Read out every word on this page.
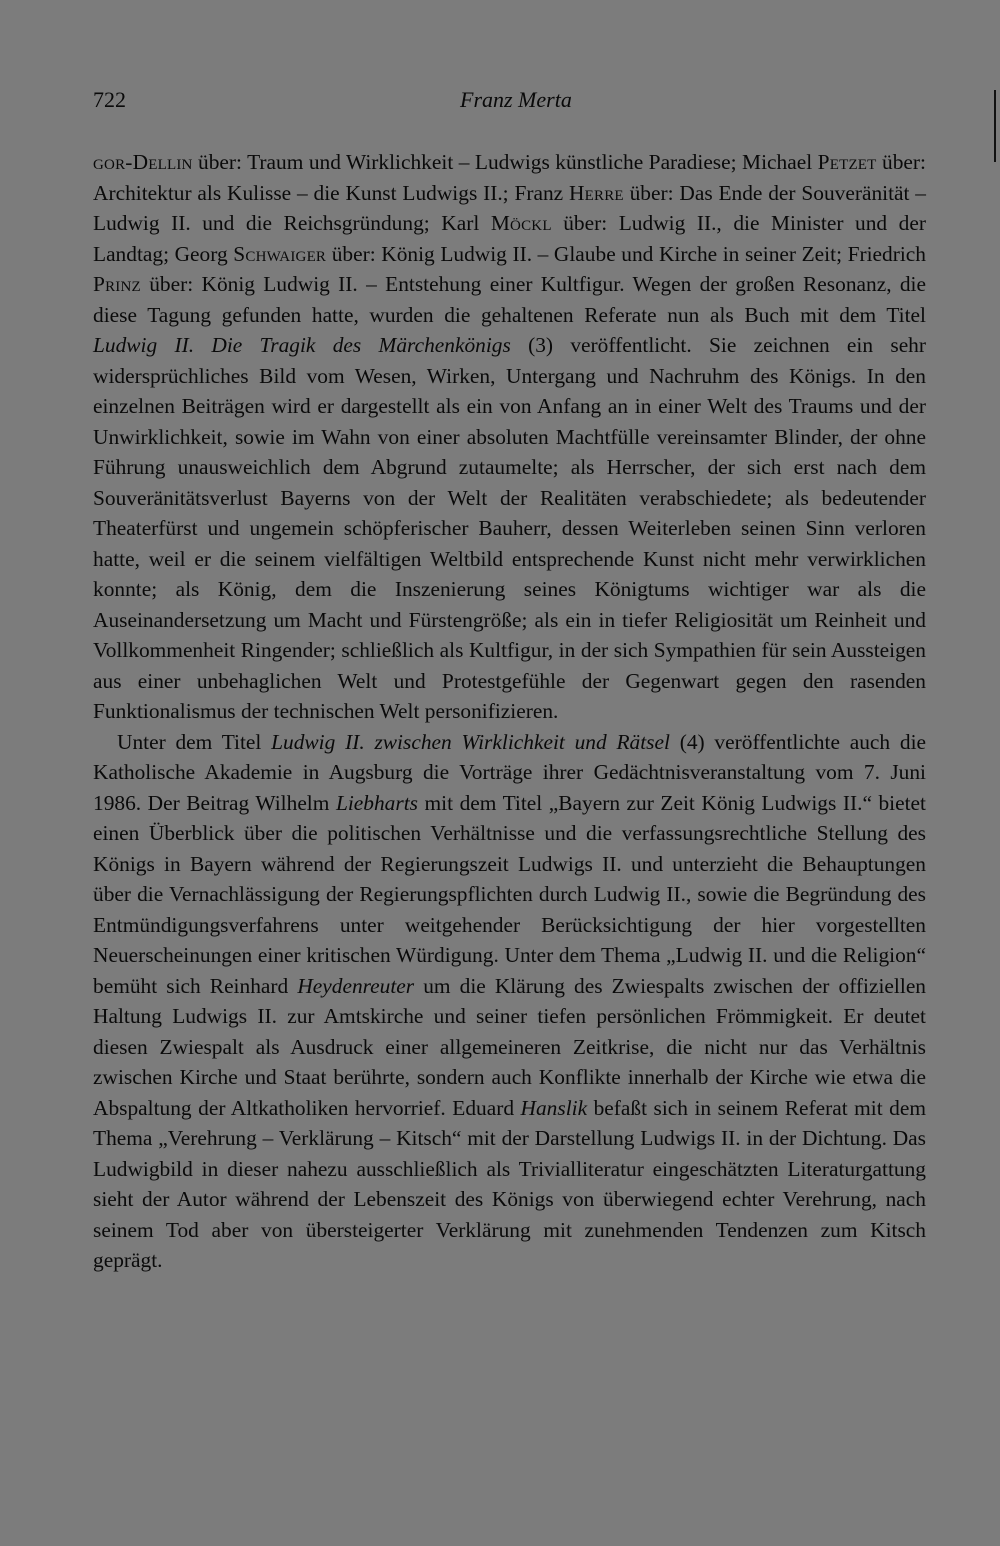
722	Franz Merta

gor-Dellin über: Traum und Wirklichkeit – Ludwigs künstliche Paradiese; Michael Petzet über: Architektur als Kulisse – die Kunst Ludwigs II.; Franz Herre über: Das Ende der Souveränität – Ludwig II. und die Reichsgründung; Karl Möckl über: Ludwig II., die Minister und der Landtag; Georg Schwaiger über: König Ludwig II. – Glaube und Kirche in seiner Zeit; Friedrich Prinz über: König Ludwig II. – Entstehung einer Kultfigur. Wegen der großen Resonanz, die diese Tagung gefunden hatte, wurden die gehaltenen Referate nun als Buch mit dem Titel Ludwig II. Die Tragik des Märchenkönigs (3) veröffentlicht. Sie zeichnen ein sehr widersprüchliches Bild vom Wesen, Wirken, Untergang und Nachruhm des Königs. In den einzelnen Beiträgen wird er dargestellt als ein von Anfang an in einer Welt des Traums und der Unwirklichkeit, sowie im Wahn von einer absoluten Machtfülle vereinsamter Blinder, der ohne Führung unausweichlich dem Abgrund zutaumelte; als Herrscher, der sich erst nach dem Souveränitätsverlust Bayerns von der Welt der Realitäten verabschiedete; als bedeutender Theaterfürst und ungemein schöpferischer Bauherr, dessen Weiterleben seinen Sinn verloren hatte, weil er die seinem vielfältigen Weltbild entsprechende Kunst nicht mehr verwirklichen konnte; als König, dem die Inszenierung seines Königtums wichtiger war als die Auseinandersetzung um Macht und Fürstengröße; als ein in tiefer Religiosität um Reinheit und Vollkommenheit Ringender; schließlich als Kultfigur, in der sich Sympathien für sein Aussteigen aus einer unbehaglichen Welt und Protestgefühle der Gegenwart gegen den rasenden Funktionalismus der technischen Welt personifizieren.

Unter dem Titel Ludwig II. zwischen Wirklichkeit und Rätsel (4) veröffentlichte auch die Katholische Akademie in Augsburg die Vorträge ihrer Gedächtnisveranstaltung vom 7. Juni 1986. Der Beitrag Wilhelm Liebharts mit dem Titel „Bayern zur Zeit König Ludwigs II.“ bietet einen Überblick über die politischen Verhältnisse und die verfassungsrechtliche Stellung des Königs in Bayern während der Regierungszeit Ludwigs II. und unterzieht die Behauptungen über die Vernachlässigung der Regierungspflichten durch Ludwig II., sowie die Begründung des Entmündigungsverfahrens unter weitgehender Berücksichtigung der hier vorgestellten Neuerscheinungen einer kritischen Würdigung. Unter dem Thema „Ludwig II. und die Religion“ bemüht sich Reinhard Heydenreuter um die Klärung des Zwiespalts zwischen der offiziellen Haltung Ludwigs II. zur Amtskirche und seiner tiefen persönlichen Frömmigkeit. Er deutet diesen Zwiespalt als Ausdruck einer allgemeineren Zeitkrise, die nicht nur das Verhältnis zwischen Kirche und Staat berührte, sondern auch Konflikte innerhalb der Kirche wie etwa die Abspaltung der Altkatholiken hervorrief. Eduard Hanslik befaßt sich in seinem Referat mit dem Thema „Verehrung – Verklärung – Kitsch“ mit der Darstellung Ludwigs II. in der Dichtung. Das Ludwigbild in dieser nahezu ausschließlich als Trivialliteratur eingeschätzten Literaturgattung sieht der Autor während der Lebenszeit des Königs von überwiegend echter Verehrung, nach seinem Tod aber von übersteigerter Verklärung mit zunehmenden Tendenzen zum Kitsch geprägt.
